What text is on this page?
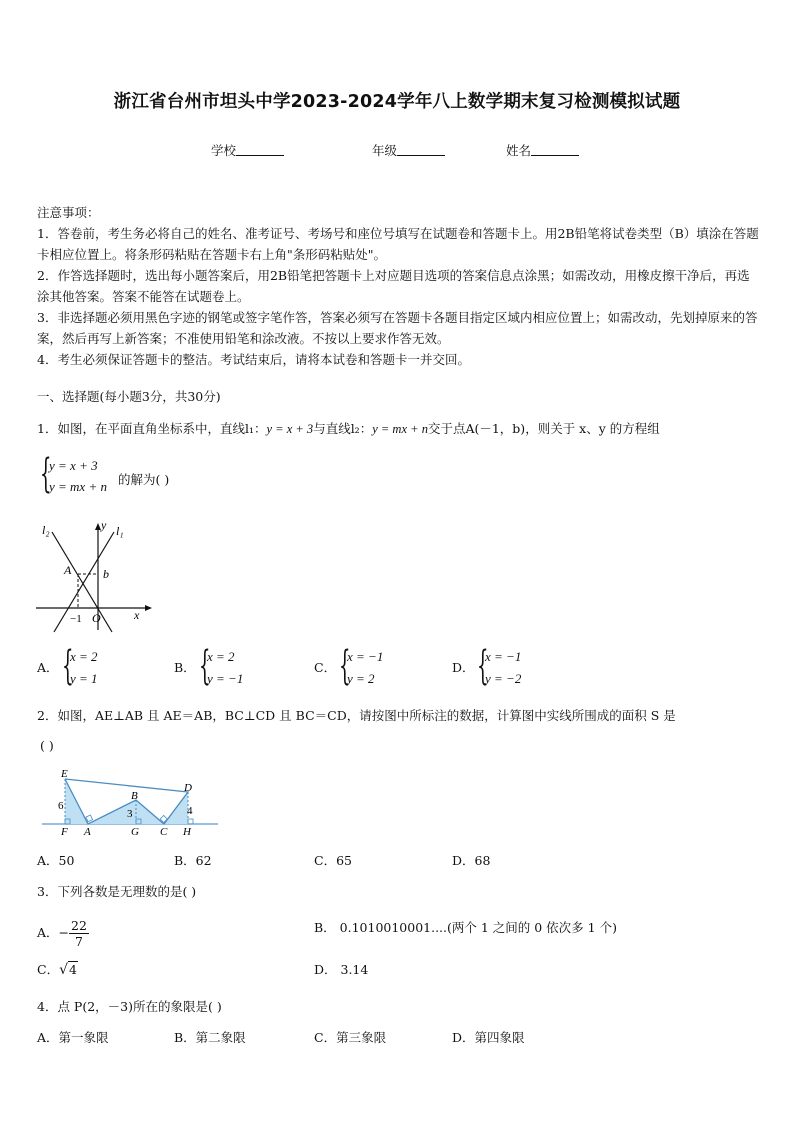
浙江省台州市坦头中学2023-2024学年八上数学期末复习检测模拟试题
学校	年级	姓名

注意事项：

1．答卷前，考生务必将自己的姓名、准考证号、考场号和座位号填写在试题卷和答题卡上。用2B铅笔将试卷类型（B）填涂在答题卡相应位置上。将条形码粘贴在答题卡右上角"条形码粘贴处"。

2．作答选择题时，选出每小题答案后，用2B铅笔把答题卡上对应题目选项的答案信息点涂黑；如需改动，用橡皮擦干净后，再选涂其他答案。答案不能答在试题卷上。

3．非选择题必须用黑色字迹的钢笔或签字笔作答，答案必须写在答题卡各题目指定区域内相应位置上；如需改动，先划掉原来的答案，然后再写上新答案；不准使用铅笔和涂改液。不按以上要求作答无效。

4．考生必须保证答题卡的整洁。考试结束后，请将本试卷和答题卡一并交回。

一、选择题(每小题3分，共30分)
1．如图，在平面直角坐标系中，直线l₁：y = x + 3与直线l₂：y = mx + n交于点A(－1，b)，则关于 x、y 的方程组
{
y = x + 3
y = mx + n 的解为( )
l₂	l₁
y
x
A	b
−1 O
A． {
x = 2
y = 1
B． {
x = 2
y = −1
C． {
x = −1
y = 2
D． {
x = −1
y = −2
2．如图，AE⊥AB 且 AE＝AB，BC⊥CD 且 BC＝CD，请按图中所标注的数据，计算图中实线所围成的面积 S 是
( )
E
B
D
F A	G C H
6
3	4
A．50	B．62	C．65	D．68
3．下列各数是无理数的是( )
A．− $\frac{22}{7}$	B． 0.1010010001....(两个 1 之间的 0 依次多 1 个)
C．√4	D． 3.14
4．点 P(2，－3)所在的象限是( )
A．第一象限	B．第二象限	C．第三象限	D．第四象限
